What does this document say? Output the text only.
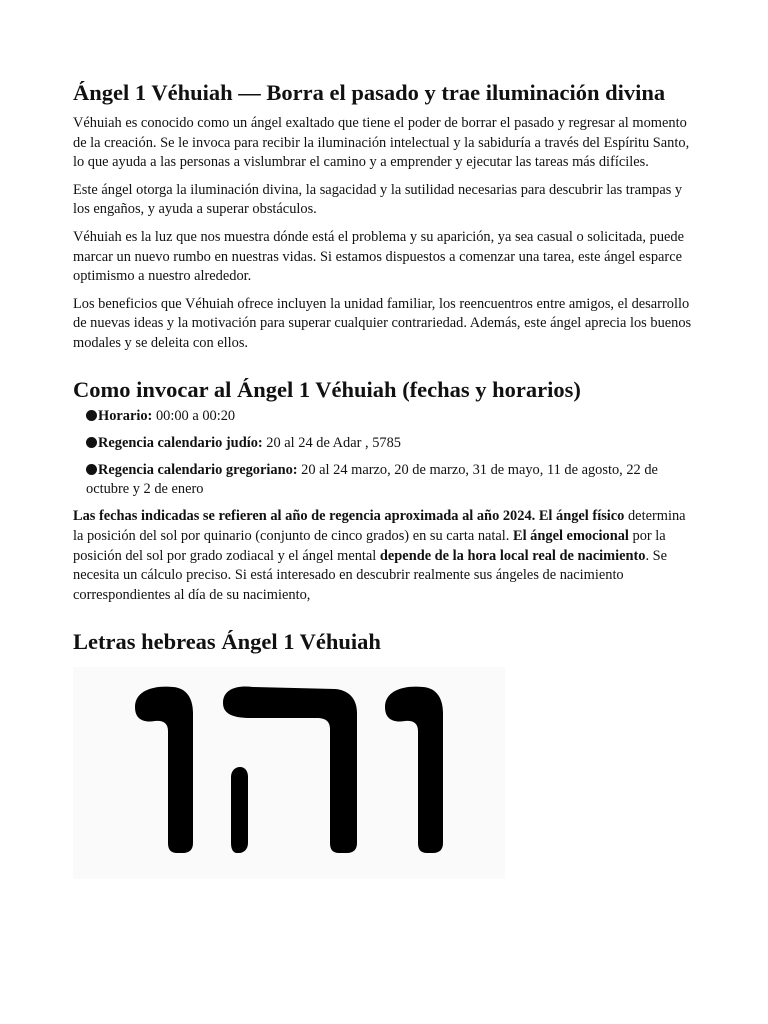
Ángel 1 Véhuiah — Borra el pasado y trae iluminación divina

Véhuiah es conocido como un ángel exaltado que tiene el poder de borrar el pasado y regresar al momento de la creación. Se le invoca para recibir la iluminación intelectual y la sabiduría a través del Espíritu Santo, lo que ayuda a las personas a vislumbrar el camino y a emprender y ejecutar las tareas más difíciles.

Este ángel otorga la iluminación divina, la sagacidad y la sutilidad necesarias para descubrir las trampas y los engaños, y ayuda a superar obstáculos.

Véhuiah es la luz que nos muestra dónde está el problema y su aparición, ya sea casual o solicitada, puede marcar un nuevo rumbo en nuestras vidas. Si estamos dispuestos a comenzar una tarea, este ángel esparce optimismo a nuestro alrededor.

Los beneficios que Véhuiah ofrece incluyen la unidad familiar, los reencuentros entre amigos, el desarrollo de nuevas ideas y la motivación para superar cualquier contrariedad. Además, este ángel aprecia los buenos modales y se deleita con ellos.

Como invocar al Ángel 1 Véhuiah (fechas y horarios)
Horario: 00:00 a 00:20
Regencia calendario judío: 20 al 24 de Adar , 5785
Regencia calendario gregoriano: 20 al 24 marzo, 20 de marzo, 31 de mayo, 11 de agosto, 22 de octubre y 2 de enero

Las fechas indicadas se refieren al año de regencia aproximada al año 2024. El ángel físico determina la posición del sol por quinario (conjunto de cinco grados) en su carta natal. El ángel emocional por la posición del sol por grado zodiacal y el ángel mental depende de la hora local real de nacimiento. Se necesita un cálculo preciso. Si está interesado en descubrir realmente sus ángeles de nacimiento correspondientes al día de su nacimiento,

Letras hebreas Ángel 1 Véhuiah
